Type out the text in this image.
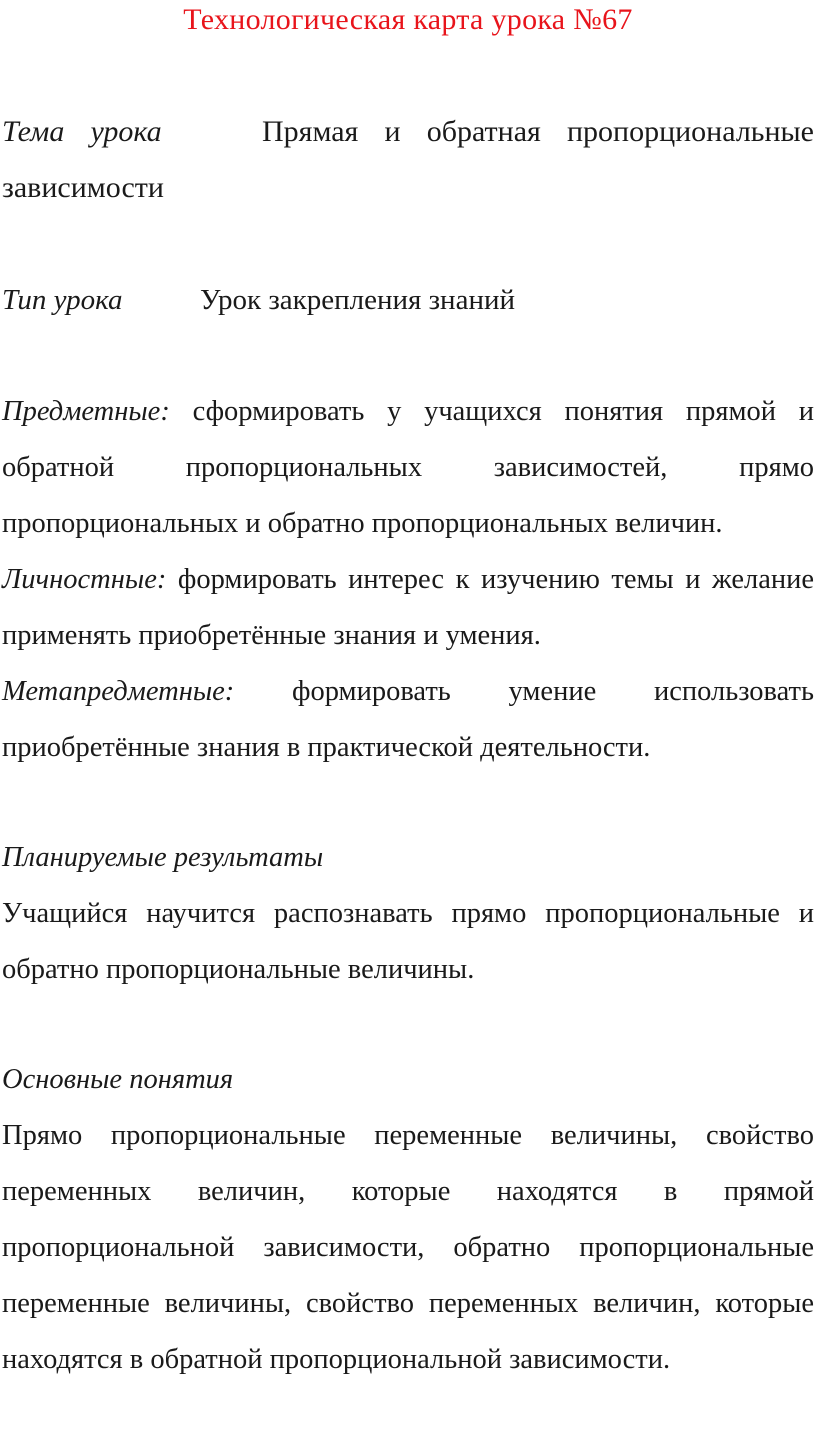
Технологическая карта урока №67

Тема урока	Прямая и обратная пропорциональные зависимости

Тип урока	Урок закрепления знаний

Предметные: сформировать у учащихся понятия прямой и обратной пропорциональных зависимостей, прямо пропорциональных и обратно пропорциональных величин.

Личностные: формировать интерес к изучению темы и желание применять приобретённые знания и умения.

Метапредметные: формировать умение использовать приобретённые знания в практической деятельности.

Планируемые результаты

Учащийся научится распознавать прямо пропорциональные и обратно пропорциональные величины.

Основные понятия

Прямо пропорциональные переменные величины, свойство переменных величин, которые находятся в прямой пропорциональной зависимости, обратно пропорциональные переменные величины, свойство переменных величин, которые находятся в обратной пропорциональной зависимости.
